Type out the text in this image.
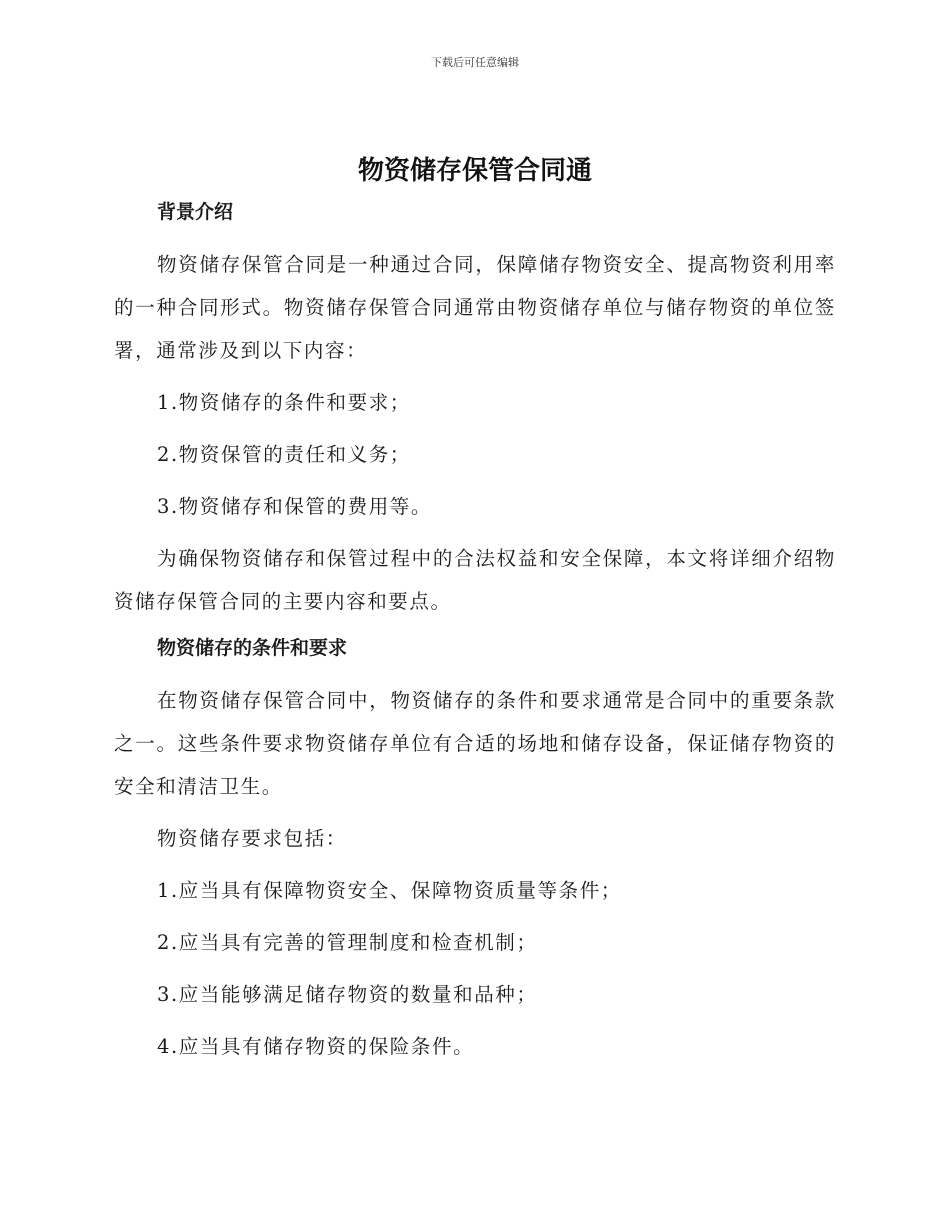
下载后可任意编辑
物资储存保管合同通
背景介绍

物资储存保管合同是一种通过合同，保障储存物资安全、提高物资利用率的一种合同形式。物资储存保管合同通常由物资储存单位与储存物资的单位签署，通常涉及到以下内容：

1.物资储存的条件和要求；

2.物资保管的责任和义务；

3.物资储存和保管的费用等。

为确保物资储存和保管过程中的合法权益和安全保障，本文将详细介绍物资储存保管合同的主要内容和要点。

物资储存的条件和要求

在物资储存保管合同中，物资储存的条件和要求通常是合同中的重要条款之一。这些条件要求物资储存单位有合适的场地和储存设备，保证储存物资的安全和清洁卫生。

物资储存要求包括：

1.应当具有保障物资安全、保障物资质量等条件；

2.应当具有完善的管理制度和检查机制；

3.应当能够满足储存物资的数量和品种；

4.应当具有储存物资的保险条件。
